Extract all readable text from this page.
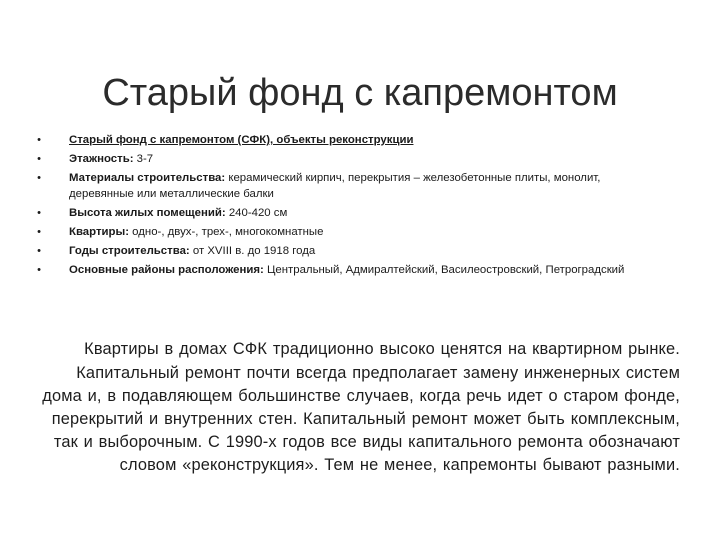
Старый фонд с капремонтом
• Старый фонд с капремонтом (СФК), объекты реконструкции
• Этажность: 3-7
• Материалы строительства: керамический кирпич, перекрытия – железобетонные плиты, монолит, деревянные или металлические балки
• Высота жилых помещений: 240-420 см
• Квартиры: одно-, двух-, трех-, многокомнатные
• Годы строительства: от XVIII в. до 1918 года
• Основные районы расположения: Центральный, Адмиралтейский, Василеостровский, Петроградский

Квартиры в домах СФК традиционно высоко ценятся на квартирном рынке. Капитальный ремонт почти всегда предполагает замену инженерных систем дома и, в подавляющем большинстве случаев, когда речь идет о старом фонде, перекрытий и внутренних стен. Капитальный ремонт может быть комплексным, так и выборочным. С 1990-х годов все виды капитального ремонта обозначают словом «реконструкция». Тем не менее, капремонты бывают разными.
